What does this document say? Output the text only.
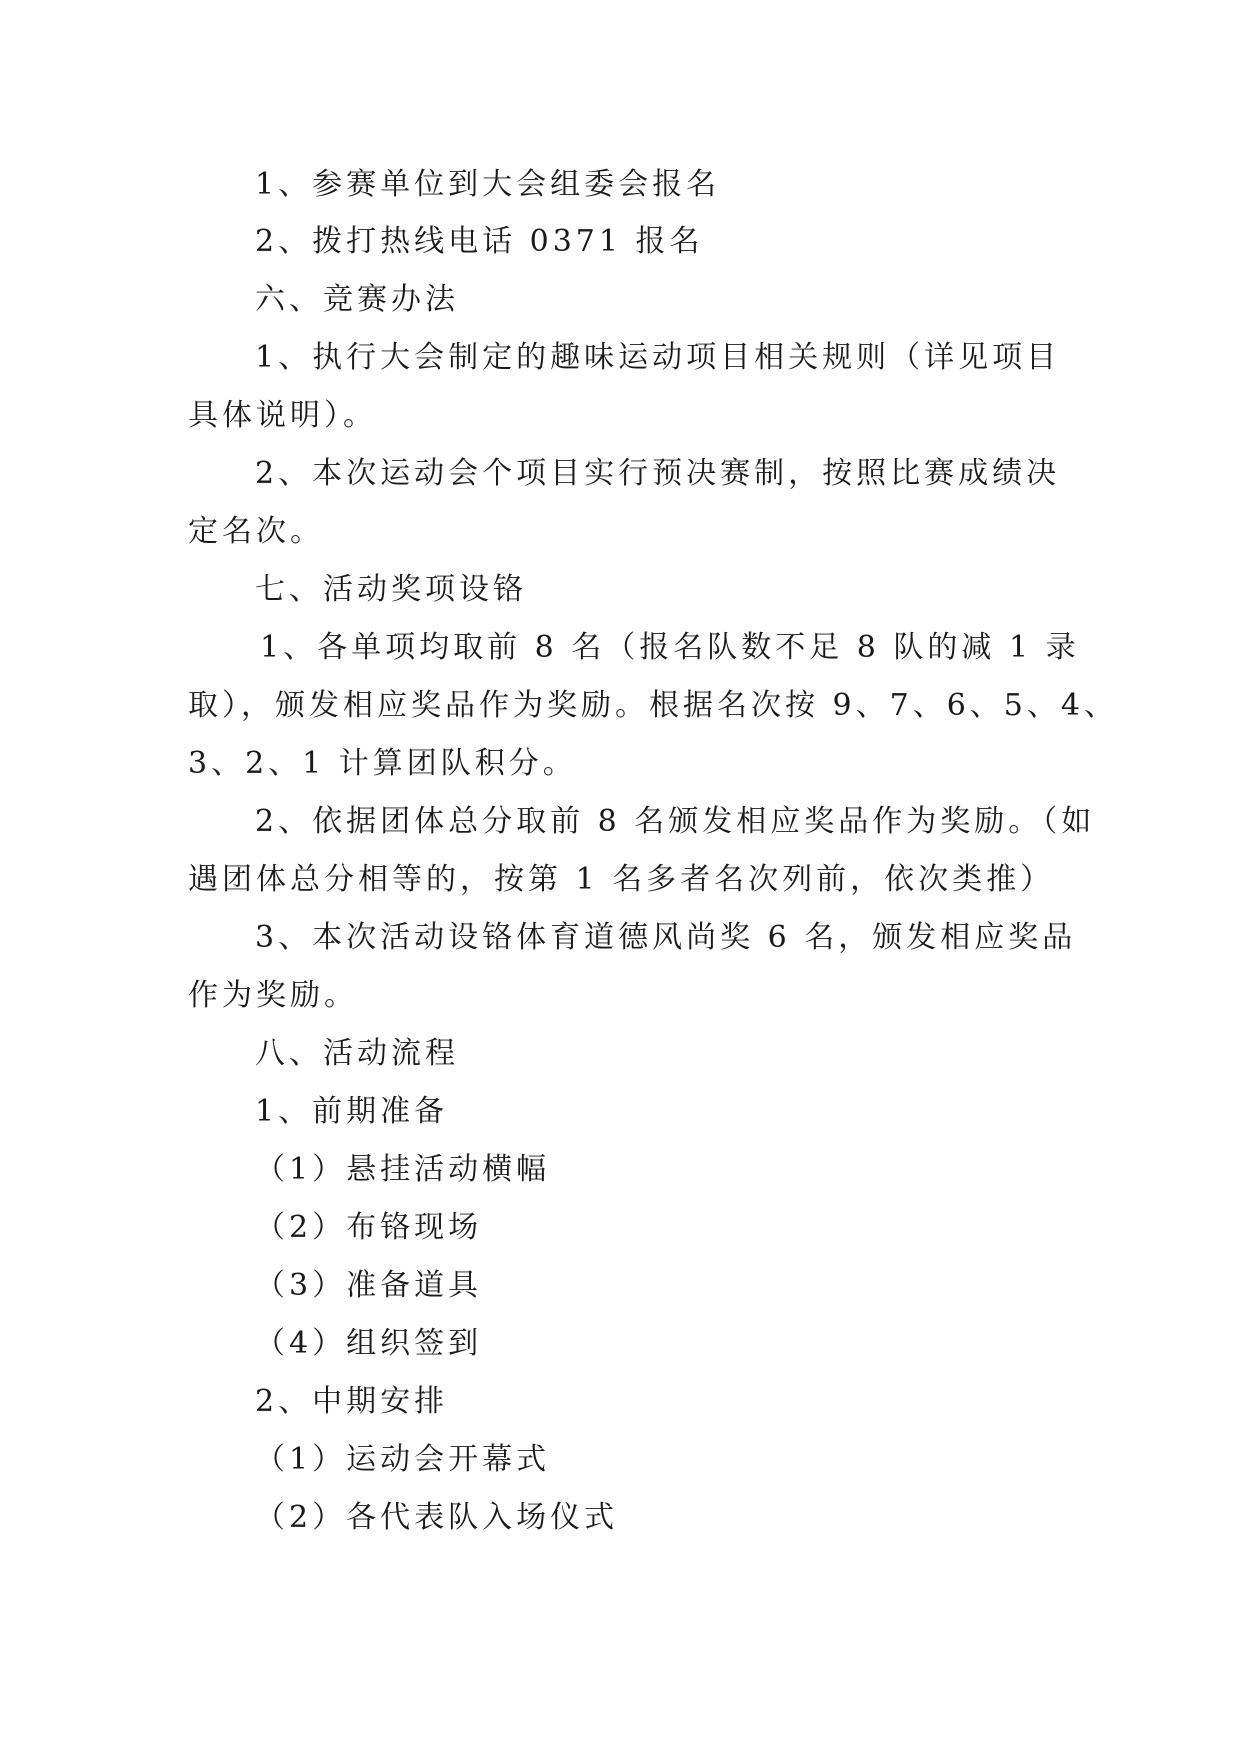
1、参赛单位到大会组委会报名
2、拨打热线电话 0371 报名
六、竞赛办法
1、执行大会制定的趣味运动项目相关规则（详见项目
具体说明）。
2、本次运动会个项目实行预决赛制，按照比赛成绩决
定名次。
七、活动奖项设铬
1、各单项均取前 8 名（报名队数不足 8 队的减 1 录
取），颁发相应奖品作为奖励。根据名次按 9、7、6、5、4、
3、2、1 计算团队积分。
2、依据团体总分取前 8 名颁发相应奖品作为奖励。（如
遇团体总分相等的，按第 1 名多者名次列前，依次类推）
3、本次活动设铬体育道德风尚奖 6 名，颁发相应奖品
作为奖励。
八、活动流程
1、前期准备
（1）悬挂活动横幅
（2）布铬现场
（3）准备道具
（4）组织签到
2、中期安排
（1）运动会开幕式
（2）各代表队入场仪式
